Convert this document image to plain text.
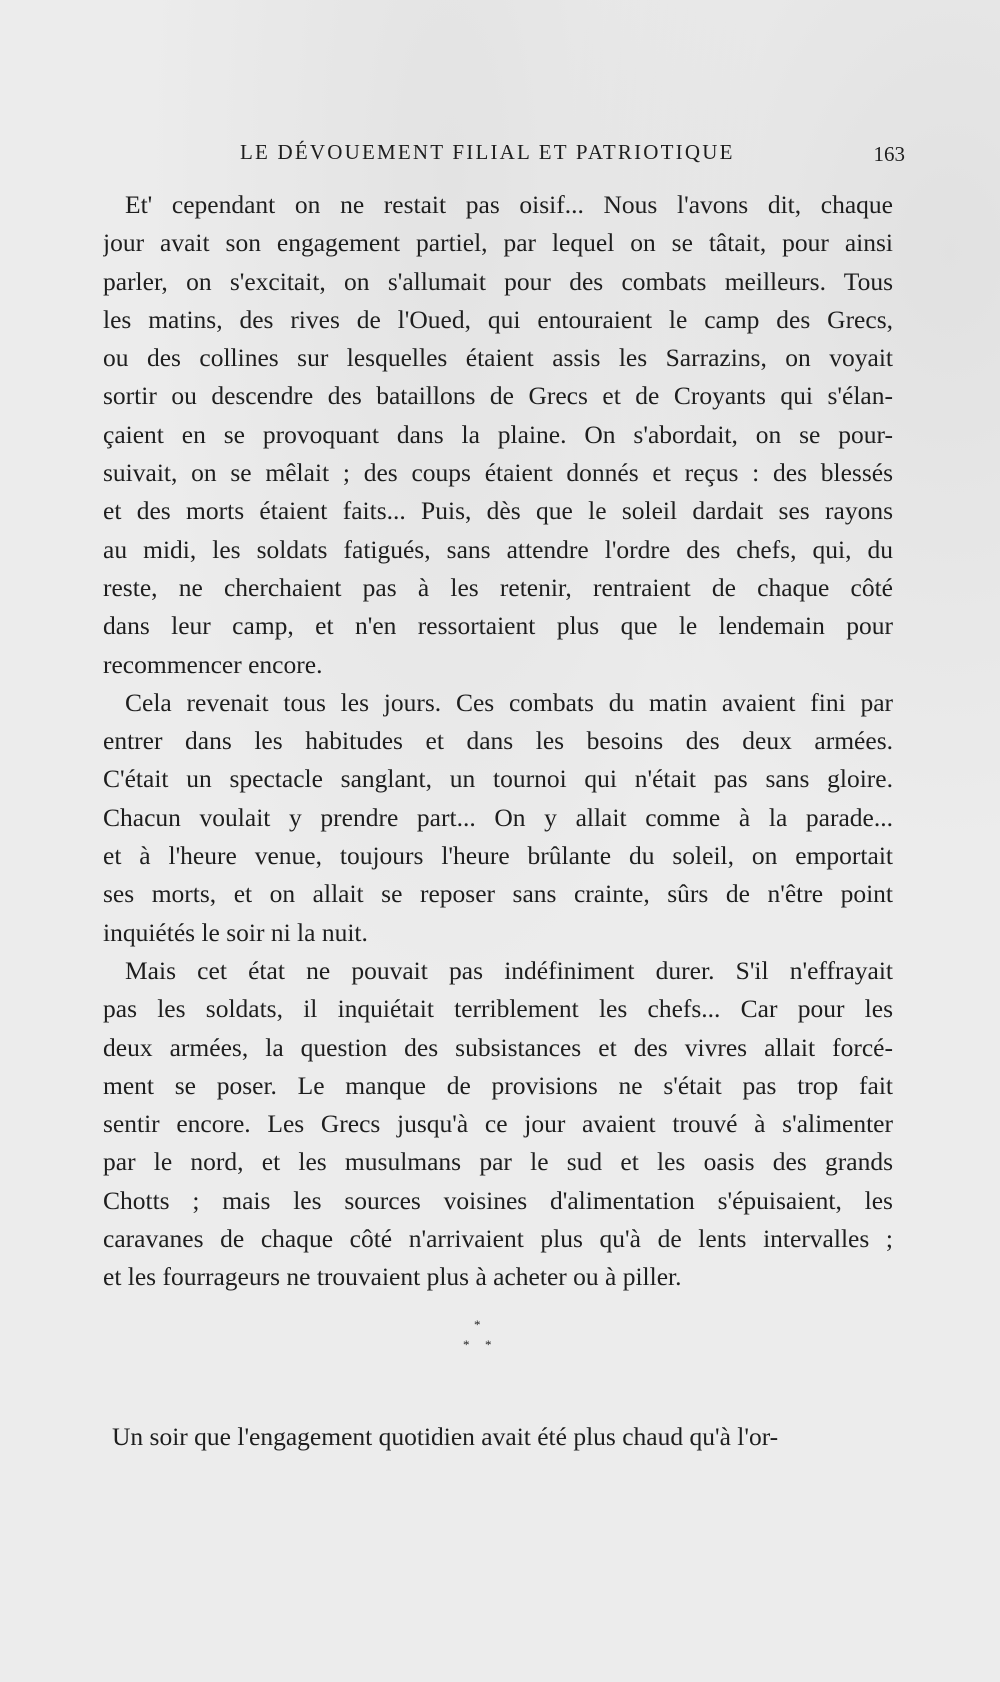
LE DÉVOUEMENT FILIAL ET PATRIOTIQUE	163
Et' cependant on ne restait pas oisif... Nous l'avons dit, chaque
jour avait son engagement partiel, par lequel on se tâtait, pour ainsi
parler, on s'excitait, on s'allumait pour des combats meilleurs. Tous
les matins, des rives de l'Oued, qui entouraient le camp des Grecs,
ou des collines sur lesquelles étaient assis les Sarrazins, on voyait
sortir ou descendre des bataillons de Grecs et de Croyants qui s'élan-
çaient en se provoquant dans la plaine. On s'abordait, on se pour-
suivait, on se mêlait ; des coups étaient donnés et reçus : des blessés
et des morts étaient faits... Puis, dès que le soleil dardait ses rayons
au midi, les soldats fatigués, sans attendre l'ordre des chefs, qui, du
reste, ne cherchaient pas à les retenir, rentraient de chaque côté
dans leur camp, et n'en ressortaient plus que le lendemain pour
recommencer encore.
Cela revenait tous les jours. Ces combats du matin avaient fini par
entrer dans les habitudes et dans les besoins des deux armées.
C'était un spectacle sanglant, un tournoi qui n'était pas sans gloire.
Chacun voulait y prendre part... On y allait comme à la parade...
et à l'heure venue, toujours l'heure brûlante du soleil, on emportait
ses morts, et on allait se reposer sans crainte, sûrs de n'être point
inquiétés le soir ni la nuit.
Mais cet état ne pouvait pas indéfiniment durer. S'il n'effrayait
pas les soldats, il inquiétait terriblement les chefs... Car pour les
deux armées, la question des subsistances et des vivres allait forcé-
ment se poser. Le manque de provisions ne s'était pas trop fait
sentir encore. Les Grecs jusqu'à ce jour avaient trouvé à s'alimenter
par le nord, et les musulmans par le sud et les oasis des grands
Chotts ; mais les sources voisines d'alimentation s'épuisaient, les
caravanes de chaque côté n'arrivaient plus qu'à de lents intervalles ;
et les fourrageurs ne trouvaient plus à acheter ou à piller.
*
* *
Un soir que l'engagement quotidien avait été plus chaud qu'à l'or-
